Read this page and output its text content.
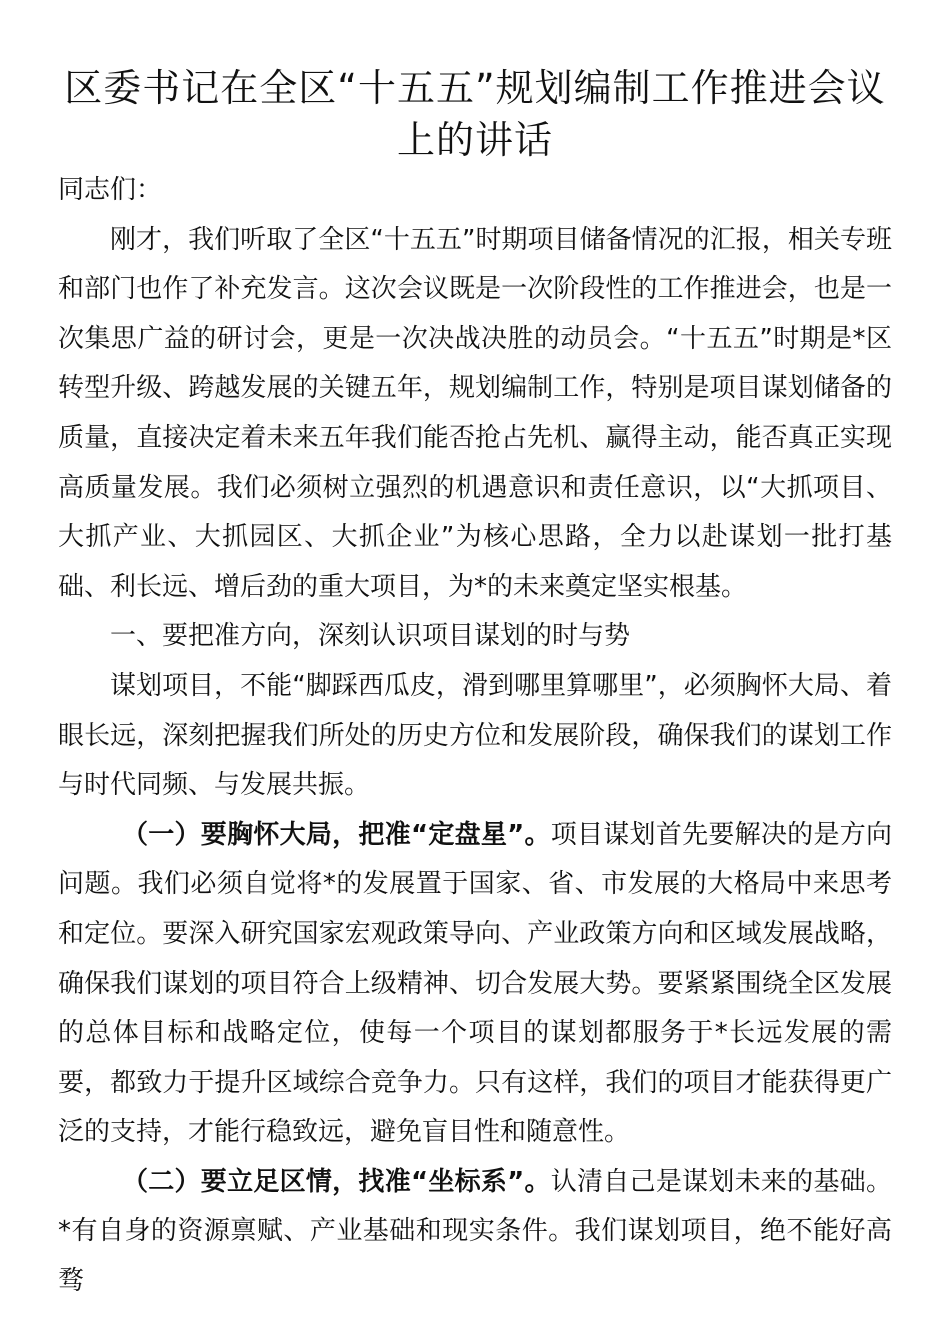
区委书记在全区“十五五”规划编制工作推进会议上的讲话

同志们：

刚才，我们听取了全区“十五五”时期项目储备情况的汇报，相关专班和部门也作了补充发言。这次会议既是一次阶段性的工作推进会，也是一次集思广益的研讨会，更是一次决战决胜的动员会。“十五五”时期是*区转型升级、跨越发展的关键五年，规划编制工作，特别是项目谋划储备的质量，直接决定着未来五年我们能否抢占先机、赢得主动，能否真正实现高质量发展。我们必须树立强烈的机遇意识和责任意识，以“大抓项目、大抓产业、大抓园区、大抓企业”为核心思路，全力以赴谋划一批打基础、利长远、增后劲的重大项目，为*的未来奠定坚实根基。

一、要把准方向，深刻认识项目谋划的时与势

谋划项目，不能“脚踩西瓜皮，滑到哪里算哪里”，必须胸怀大局、着眼长远，深刻把握我们所处的历史方位和发展阶段，确保我们的谋划工作与时代同频、与发展共振。

（一）要胸怀大局，把准“定盘星”。项目谋划首先要解决的是方向问题。我们必须自觉将*的发展置于国家、省、市发展的大格局中来思考和定位。要深入研究国家宏观政策导向、产业政策方向和区域发展战略，确保我们谋划的项目符合上级精神、切合发展大势。要紧紧围绕全区发展的总体目标和战略定位，使每一个项目的谋划都服务于*长远发展的需要，都致力于提升区域综合竞争力。只有这样，我们的项目才能获得更广泛的支持，才能行稳致远，避免盲目性和随意性。

（二）要立足区情，找准“坐标系”。认清自己是谋划未来的基础。*有自身的资源禀赋、产业基础和现实条件。我们谋划项目，绝不能好高骛
